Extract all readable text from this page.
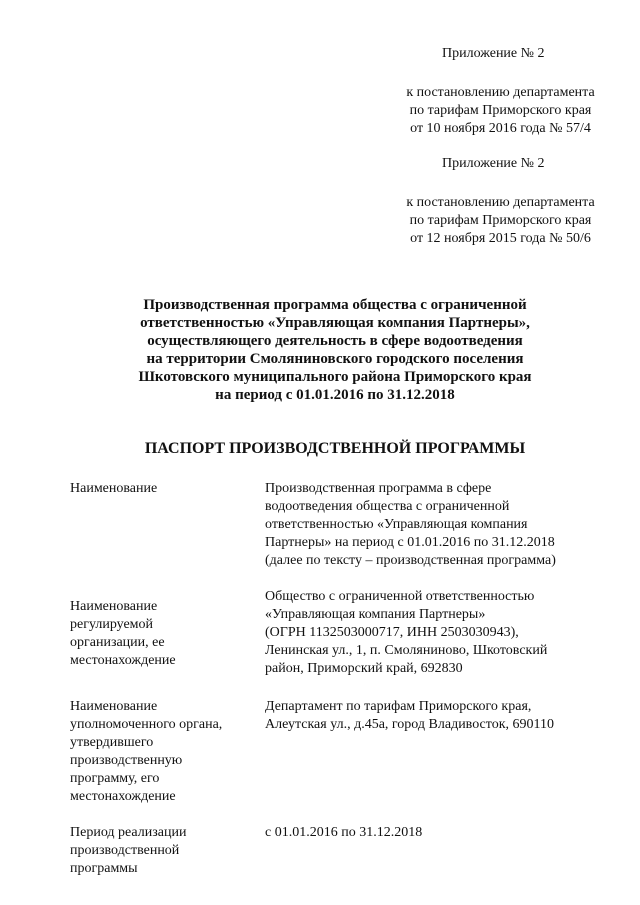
Приложение № 2
к постановлению департамента
по тарифам Приморского края
от 10 ноября 2016 года № 57/4
Приложение № 2
к постановлению департамента
по тарифам Приморского края
от 12 ноября 2015 года № 50/6
Производственная программа общества с ограниченной
ответственностью «Управляющая компания Партнеры»,
осуществляющего деятельность в сфере водоотведения
на территории Смоляниновского городского поселения
Шкотовского муниципального района Приморского края
на период с 01.01.2016 по 31.12.2018
ПАСПОРТ ПРОИЗВОДСТВЕННОЙ ПРОГРАММЫ
Наименование	Производственная программа в сфере
водоотведения общества с ограниченной
ответственностью «Управляющая компания
Партнеры» на период с 01.01.2016 по 31.12.2018
(далее по тексту – производственная программа)
Наименование
регулируемой
организации, ее
местонахождение
Общество с ограниченной ответственностью
«Управляющая компания Партнеры»
(ОГРН 1132503000717, ИНН 2503030943),
Ленинская ул., 1, п. Смоляниново, Шкотовский
район, Приморский край, 692830
Наименование
уполномоченного органа,
утвердившего
производственную
программу, его
местонахождение
Департамент по тарифам Приморского края,
Алеутская ул., д.45а, город Владивосток, 690110
Период реализации
производственной
программы
с 01.01.2016 по 31.12.2018
